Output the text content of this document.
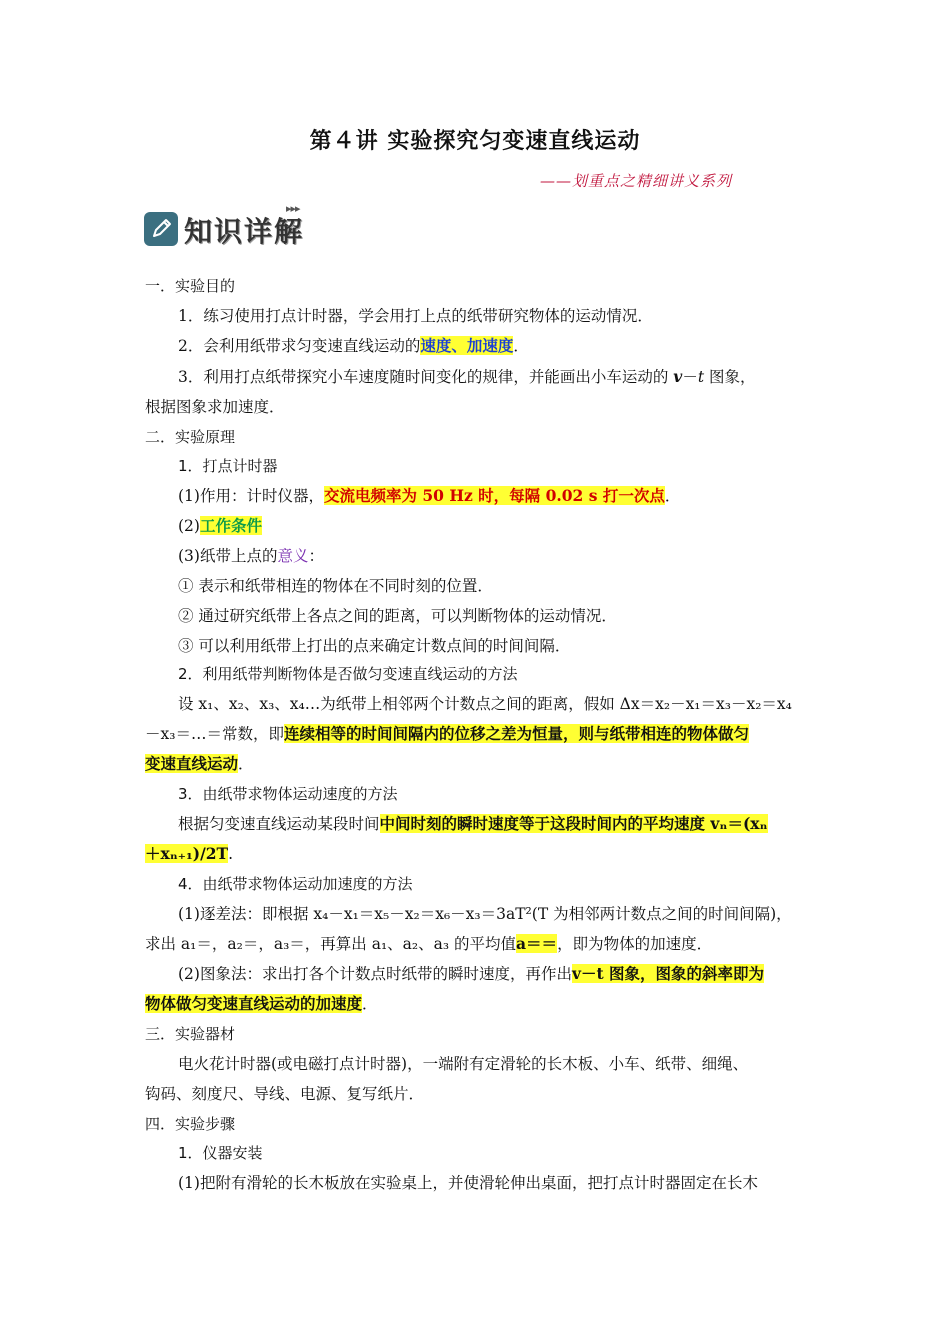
第４讲 实验探究匀变速直线运动
——划重点之精细讲义系列
知识详解
▸▸▸
一．实验目的
1．练习使用打点计时器，学会用打上点的纸带研究物体的运动情况．
2．会利用纸带求匀变速直线运动的速度、加速度．
3．利用打点纸带探究小车速度随时间变化的规律，并能画出小车运动的 v－t 图象，
根据图象求加速度．
二．实验原理
1．打点计时器
(1)作用：计时仪器，交流电频率为 50 Hz 时，每隔 0.02 s 打一次点．
(2)工作条件
(3)纸带上点的意义：
① 表示和纸带相连的物体在不同时刻的位置．
② 通过研究纸带上各点之间的距离，可以判断物体的运动情况．
③ 可以利用纸带上打出的点来确定计数点间的时间间隔．
2．利用纸带判断物体是否做匀变速直线运动的方法
设 x₁、x₂、x₃、x₄…为纸带上相邻两个计数点之间的距离，假如 Δx＝x₂－x₁＝x₃－x₂＝x₄
－x₃＝…＝常数，即连续相等的时间间隔内的位移之差为恒量，则与纸带相连的物体做匀
变速直线运动．
3．由纸带求物体运动速度的方法
根据匀变速直线运动某段时间中间时刻的瞬时速度等于这段时间内的平均速度 vₙ＝(xₙ
＋xₙ₊₁)/2T.
4．由纸带求物体运动加速度的方法
(1)逐差法：即根据 x₄－x₁＝x₅－x₂＝x₆－x₃＝3aT²(T 为相邻两计数点之间的时间间隔)，
求出 a₁＝，a₂＝，a₃＝，再算出 a₁、a₂、a₃ 的平均值a＝＝，即为物体的加速度．
(2)图象法：求出打各个计数点时纸带的瞬时速度，再作出v－t 图象，图象的斜率即为
物体做匀变速直线运动的加速度．
三．实验器材
电火花计时器(或电磁打点计时器)，一端附有定滑轮的长木板、小车、纸带、细绳、
钩码、刻度尺、导线、电源、复写纸片．
四．实验步骤
1．仪器安装
(1)把附有滑轮的长木板放在实验桌上，并使滑轮伸出桌面，把打点计时器固定在长木
